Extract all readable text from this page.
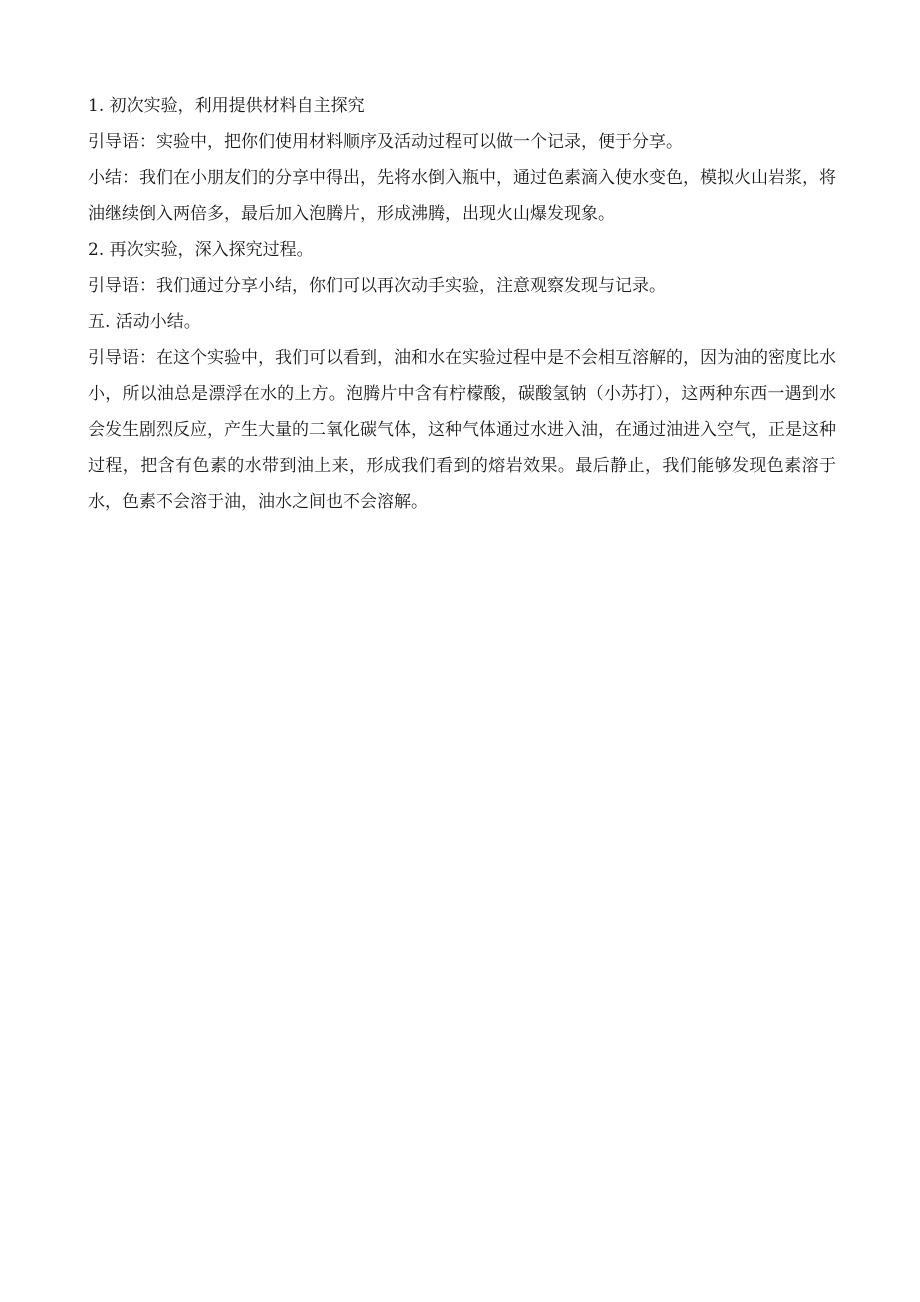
1. 初次实验，利用提供材料自主探究

引导语：实验中，把你们使用材料顺序及活动过程可以做一个记录，便于分享。

小结：我们在小朋友们的分享中得出，先将水倒入瓶中，通过色素滴入使水变色，模拟火山岩浆，将油继续倒入两倍多，最后加入泡腾片，形成沸腾，出现火山爆发现象。

2. 再次实验，深入探究过程。

引导语：我们通过分享小结，你们可以再次动手实验，注意观察发现与记录。

五. 活动小结。

引导语：在这个实验中，我们可以看到，油和水在实验过程中是不会相互溶解的，因为油的密度比水小，所以油总是漂浮在水的上方。泡腾片中含有柠檬酸，碳酸氢钠（小苏打），这两种东西一遇到水会发生剧烈反应，产生大量的二氧化碳气体，这种气体通过水进入油，在通过油进入空气，正是这种过程，把含有色素的水带到油上来，形成我们看到的熔岩效果。最后静止，我们能够发现色素溶于水，色素不会溶于油，油水之间也不会溶解。
